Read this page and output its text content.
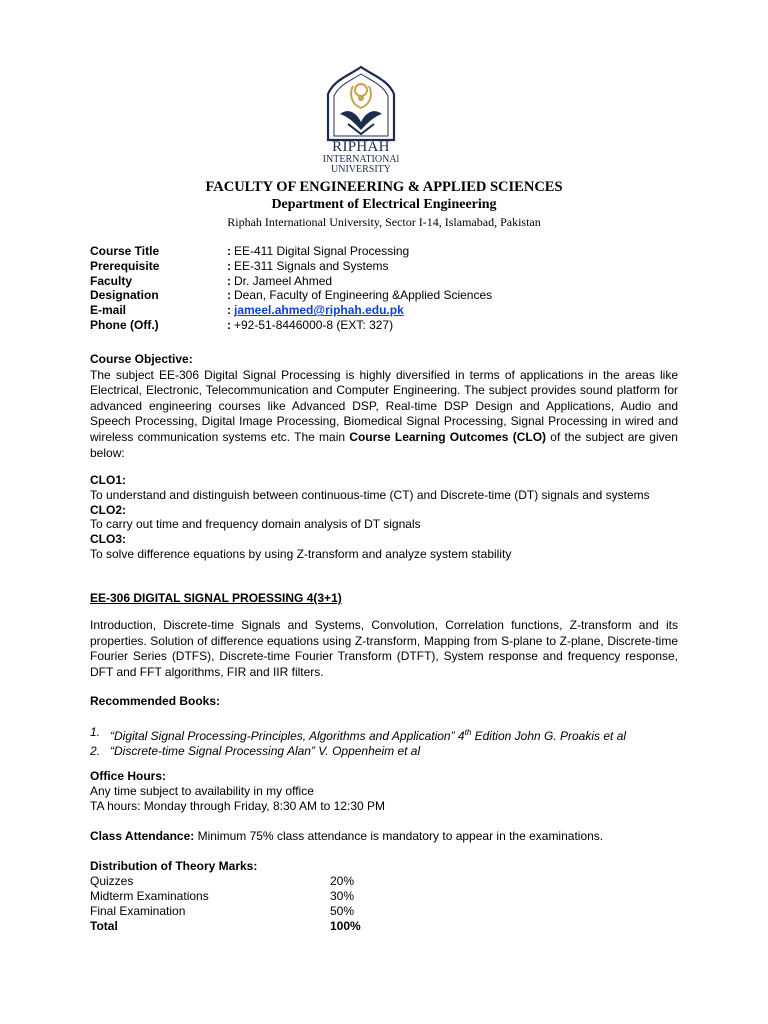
RIPHAH
INTERNATIONAl
UNIVERSITY
FACULTY OF ENGINEERING & APPLIED SCIENCES
Department of Electrical Engineering
Riphah International University, Sector I-14, Islamabad, Pakistan
Course Title	: EE-411 Digital Signal Processing
Prerequisite	: EE-311 Signals and Systems
Faculty	: Dr. Jameel Ahmed
Designation	: Dean, Faculty of Engineering &Applied Sciences
E-mail	: jameel.ahmed@riphah.edu.pk
Phone (Off.)	: +92-51-8446000-8 (EXT: 327)
Course Objective:
The subject EE-306 Digital Signal Processing is highly diversified in terms of applications in the areas like Electrical, Electronic, Telecommunication and Computer Engineering. The subject provides sound platform for advanced engineering courses like Advanced DSP, Real-time DSP Design and Applications, Audio and Speech Processing, Digital Image Processing, Biomedical Signal Processing, Signal Processing in wired and wireless communication systems etc. The main Course Learning Outcomes (CLO) of the subject are given below:
CLO1:
To understand and distinguish between continuous-time (CT) and Discrete-time (DT) signals and systems
CLO2:
To carry out time and frequency domain analysis of DT signals
CLO3:
To solve difference equations by using Z-transform and analyze system stability
EE-306 DIGITAL SIGNAL PROESSING 4(3+1)
Introduction, Discrete-time Signals and Systems, Convolution, Correlation functions, Z-transform and its properties. Solution of difference equations using Z-transform, Mapping from S-plane to Z-plane, Discrete-time Fourier Series (DTFS), Discrete-time Fourier Transform (DTFT), System response and frequency response, DFT and FFT algorithms, FIR and IIR filters.
Recommended Books:
1. “Digital Signal Processing-Principles, Algorithms and Application” 4th Edition John G. Proakis et al
2. “Discrete-time Signal Processing Alan” V. Oppenheim et al
Office Hours:
Any time subject to availability in my office
TA hours: Monday through Friday, 8:30 AM to 12:30 PM
Class Attendance: Minimum 75% class attendance is mandatory to appear in the examinations.
Distribution of Theory Marks:
Quizzes	20%
Midterm Examinations	30%
Final Examination	50%
Total	100%
